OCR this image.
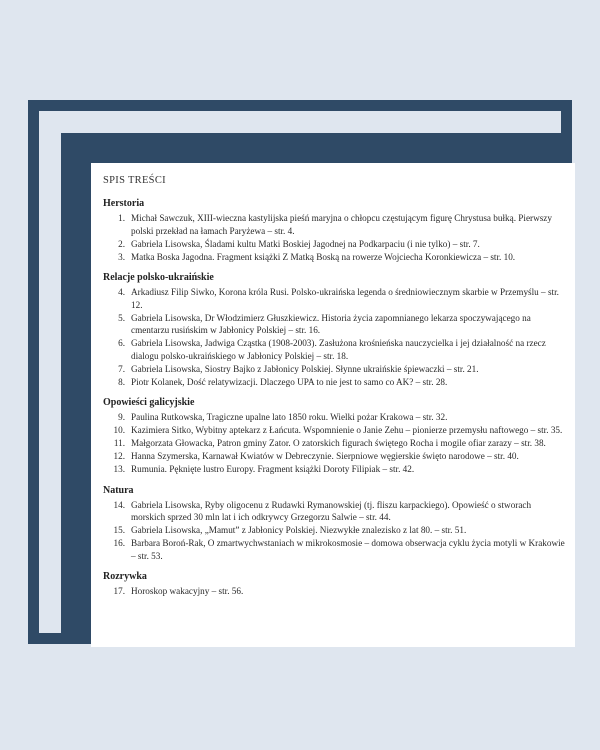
SPIS TREŚCI
Herstoria
1. Michał Sawczuk, XIII-wieczna kastylijska pieśń maryjna o chłopcu częstującym figurę Chrystusa bułką. Pierwszy polski przekład na łamach Paryżewa – str. 4.
2. Gabriela Lisowska, Śladami kultu Matki Boskiej Jagodnej na Podkarpaciu (i nie tylko) – str. 7.
3. Matka Boska Jagodna. Fragment książki Z Matką Boską na rowerze Wojciecha Koronkiewicza – str. 10.
Relacje polsko-ukraińskie
4. Arkadiusz Filip Siwko, Korona króla Rusi. Polsko-ukraińska legenda o średniowiecznym skarbie w Przemyślu – str. 12.
5. Gabriela Lisowska, Dr Włodzimierz Głuszkiewicz. Historia życia zapomnianego lekarza spoczywającego na cmentarzu rusińskim w Jabłonicy Polskiej – str. 16.
6. Gabriela Lisowska, Jadwiga Cząstka (1908-2003). Zasłużona krośnieńska nauczycielka i jej działalność na rzecz dialogu polsko-ukraińskiego w Jabłonicy Polskiej – str. 18.
7. Gabriela Lisowska, Siostry Bajko z Jabłonicy Polskiej. Słynne ukraińskie śpiewaczki – str. 21.
8. Piotr Kolanek, Dość relatywizacji. Dlaczego UPA to nie jest to samo co AK? – str. 28.
Opowieści galicyjskie
9. Paulina Rutkowska, Tragiczne upalne lato 1850 roku. Wielki pożar Krakowa – str. 32.
10. Kazimiera Sitko, Wybitny aptekarz z Łańcuta. Wspomnienie o Janie Zehu – pionierze przemysłu naftowego – str. 35.
11. Małgorzata Głowacka, Patron gminy Zator. O zatorskich figurach świętego Rocha i mogile ofiar zarazy – str. 38.
12. Hanna Szymerska, Karnawał Kwiatów w Debreczynie. Sierpniowe węgierskie święto narodowe – str. 40.
13. Rumunia. Pęknięte lustro Europy. Fragment książki Doroty Filipiak – str. 42.
Natura
14. Gabriela Lisowska, Ryby oligocenu z Rudawki Rymanowskiej (tj. fliszu karpackiego). Opowieść o stworach morskich sprzed 30 mln lat i ich odkrywcy Grzegorzu Salwie – str. 44.
15. Gabriela Lisowska, „Mamut” z Jabłonicy Polskiej. Niezwykłe znalezisko z lat 80. – str. 51.
16. Barbara Boroń-Rak, O zmartwychwstaniach w mikrokosmosie – domowa obserwacja cyklu życia motyli w Krakowie – str. 53.
Rozrywka
17. Horoskop wakacyjny – str. 56.
